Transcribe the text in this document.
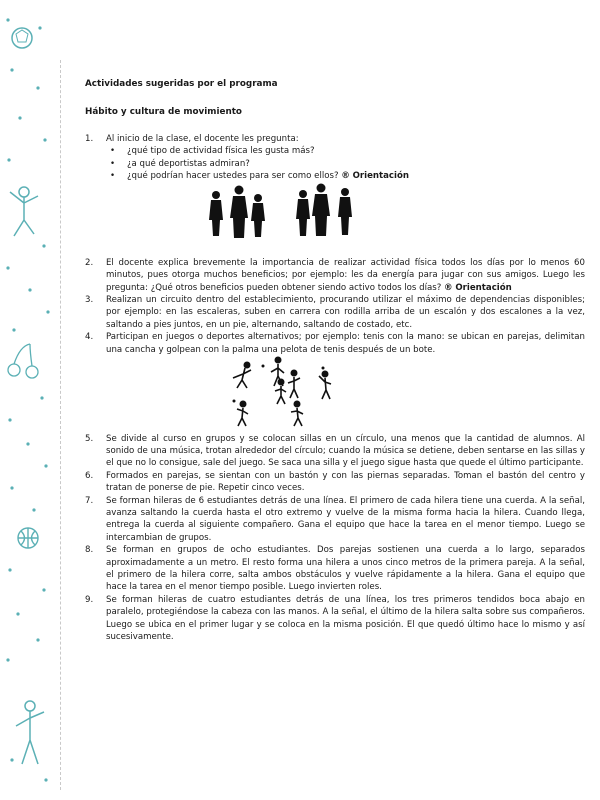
Actividades sugeridas por el programa
Hábito y cultura de movimiento
1. Al inicio de la clase, el docente les pregunta:
• ¿qué tipo de actividad física les gusta más?
• ¿a qué deportistas admiran?
• ¿qué podrían hacer ustedes para ser como ellos? ® Orientación
2. El docente explica brevemente la importancia de realizar actividad física todos los días por lo menos 60 minutos, pues otorga muchos beneficios; por ejemplo: les da energía para jugar con sus amigos. Luego les pregunta: ¿Qué otros beneficios pueden obtener siendo activo todos los días? ® Orientación
3. Realizan un circuito dentro del establecimiento, procurando utilizar el máximo de dependencias disponibles; por ejemplo: en las escaleras, suben en carrera con rodilla arriba de un escalón y dos escalones a la vez, saltando a pies juntos, en un pie, alternando, saltando de costado, etc.
4. Participan en juegos o deportes alternativos; por ejemplo: tenis con la mano: se ubican en parejas, delimitan una cancha y golpean con la palma una pelota de tenis después de un bote.
5. Se divide al curso en grupos y se colocan sillas en un círculo, una menos que la cantidad de alumnos. Al sonido de una música, trotan alrededor del círculo; cuando la música se detiene, deben sentarse en las sillas y el que no lo consigue, sale del juego. Se saca una silla y el juego sigue hasta que quede el último participante.
6. Formados en parejas, se sientan con un bastón y con las piernas separadas. Toman el bastón del centro y tratan de ponerse de pie. Repetir cinco veces.
7. Se forman hileras de 6 estudiantes detrás de una línea. El primero de cada hilera tiene una cuerda. A la señal, avanza saltando la cuerda hasta el otro extremo y vuelve de la misma forma hacia la hilera. Cuando llega, entrega la cuerda al siguiente compañero. Gana el equipo que hace la tarea en el menor tiempo. Luego se intercambian de grupos.
8. Se forman en grupos de ocho estudiantes. Dos parejas sostienen una cuerda a lo largo, separados aproximadamente a un metro. El resto forma una hilera a unos cinco metros de la primera pareja. A la señal, el primero de la hilera corre, salta ambos obstáculos y vuelve rápidamente a la hilera. Gana el equipo que hace la tarea en el menor tiempo posible. Luego invierten roles.
9. Se forman hileras de cuatro estudiantes detrás de una línea, los tres primeros tendidos boca abajo en paralelo, protegiéndose la cabeza con las manos. A la señal, el último de la hilera salta sobre sus compañeros. Luego se ubica en el primer lugar y se coloca en la misma posición. El que quedó último hace lo mismo y así sucesivamente.
